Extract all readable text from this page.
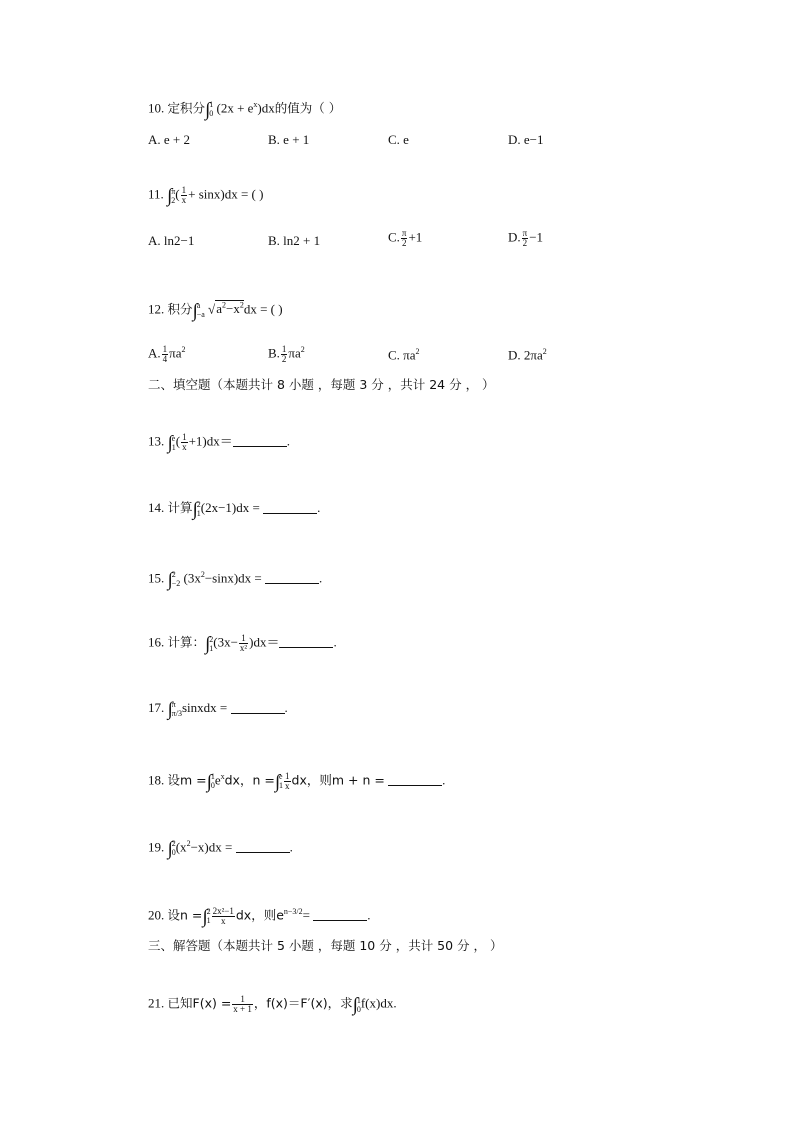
10. 定积分∫ 1
0 $(2x + e^x)dx$的值为（ ）
A. e + 2	B. e + 1	C. e	D. e−1
11. ∫ π
2 ( $\frac{1}{x} + \sin x)dx$ = ( )
A. ln2−1	B. ln2 + 1	C. $\frac{\pi}{2} +1$	D. $\frac{\pi}{2} -1$
12. 积分∫ a
−a $√a^2-x^2dx$ = ( )
A. $\frac{1}{4} \pi a^2$	B. $\frac{1}{2} \pi a^2$	C. $\pi a^2$	D. $2\pi a^2$
二、填空题（本题共计 8 小题 ，每题 3 分 ，共计 24 分 ， ）
13. ∫ e
1 ( $\frac{1}{x} +1)dx=$	.
14. 计算∫ 2
1 (2x−1)dx =	.
15. ∫ 2
−2 $(3x^2-\sin x)dx$ =	.
16. 计算：∫ 2
1 $(3x- \frac{1}{\text{x²}} )dx=$	.
17. ∫ π
π/3 sinxdx =	.
18. 设m =∫ 1
0 $e^xdx$，n =∫ e
$1 \frac{1}{x}$ dx，则m + n =	.
19. ∫ 2
0 $(x^2-x)dx$ =	.
20. 设n =∫ 2
$1 \frac{\text{2x²−1}}{x}$ dx，则$e^{n-3/2}=$	.
三、解答题（本题共计 5 小题 ，每题 10 分 ，共计 50 分 ， ）
21. 已知$F(x) = \frac{1}{x + 1}$ ，f(x)＝F′(x)，求∫ 1
0 f(x)dx.
